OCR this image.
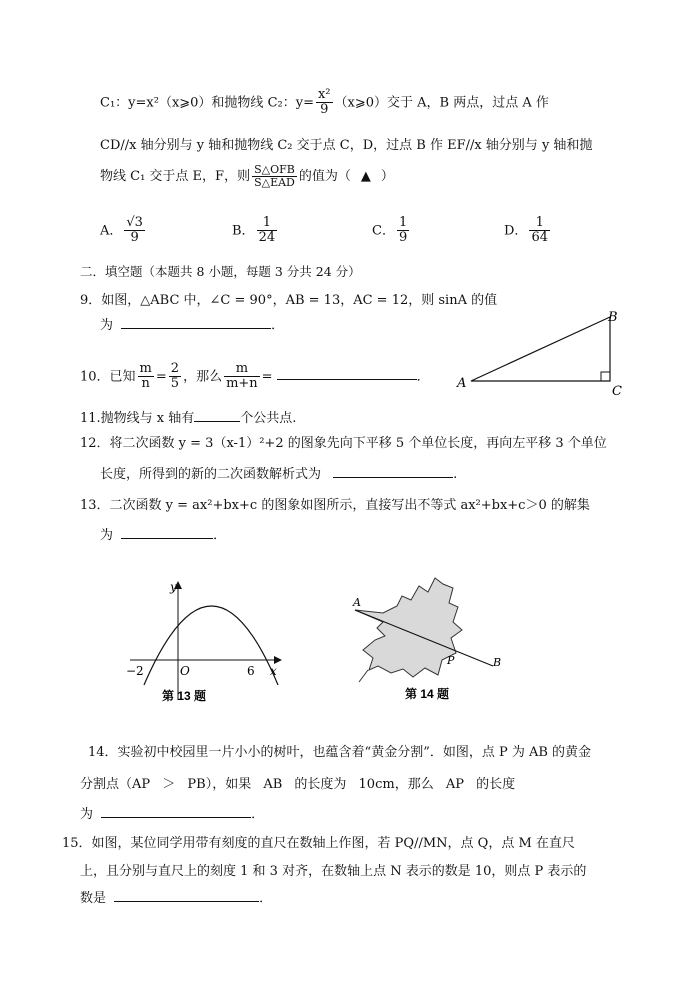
C₁：y=x²（x⩾0）和抛物线 C₂：$y= \frac{\text{x²}}{9}$ （x⩾0）交于 A，B 两点，过点 A 作
CD//x 轴分别与 y 轴和抛物线 C₂ 交于点 C，D，过点 B 作 EF//x 轴分别与 y 轴和抛
物线 C₁ 交于点 E，F，则 $\frac{\text{S△OFB}}{\text{S△EAD}}$ 的值为（ ▲ ）
A． $\frac{√3}{9}$	B． $\frac{1}{24}$	C． $\frac{1}{9}$	D． $\frac{1}{64}$
二．填空题（本题共 8 小题，每题 3 分共 24 分）
9．如图，△ABC 中，∠C = 90°，AB = 13，AC = 12，则 sinA 的值
为	．
A
B
C
10．已知 $\frac{m}{n} = \frac{2}{5}$ ，那么 $\frac{m}{m+n}$ =	．
11.抛物线与 x 轴有	个公共点.
12．将二次函数 y = 3（x-1）²+2 的图象先向下平移 5 个单位长度，再向左平移 3 个单位
长度，所得到的新的二次函数解析式为	.
13．二次函数 y = ax²+bx+c 的图象如图所示，直接写出不等式 ax²+bx+c＞0 的解集
为	．
y
x
O
−2	6
第 13 题
A
B
P
第 14 题
14．实验初中校园里一片小小的树叶，也蕴含着“黄金分割”．如图，点 P 为 AB 的黄金
分割点（AP ＞ PB），如果 AB 的长度为 10cm，那么 AP 的长度
为	．
15．如图，某位同学用带有刻度的直尺在数轴上作图，若 PQ//MN，点 Q，点 M 在直尺
上，且分别与直尺上的刻度 1 和 3 对齐，在数轴上点 N 表示的数是 10，则点 P 表示的
数是	．
